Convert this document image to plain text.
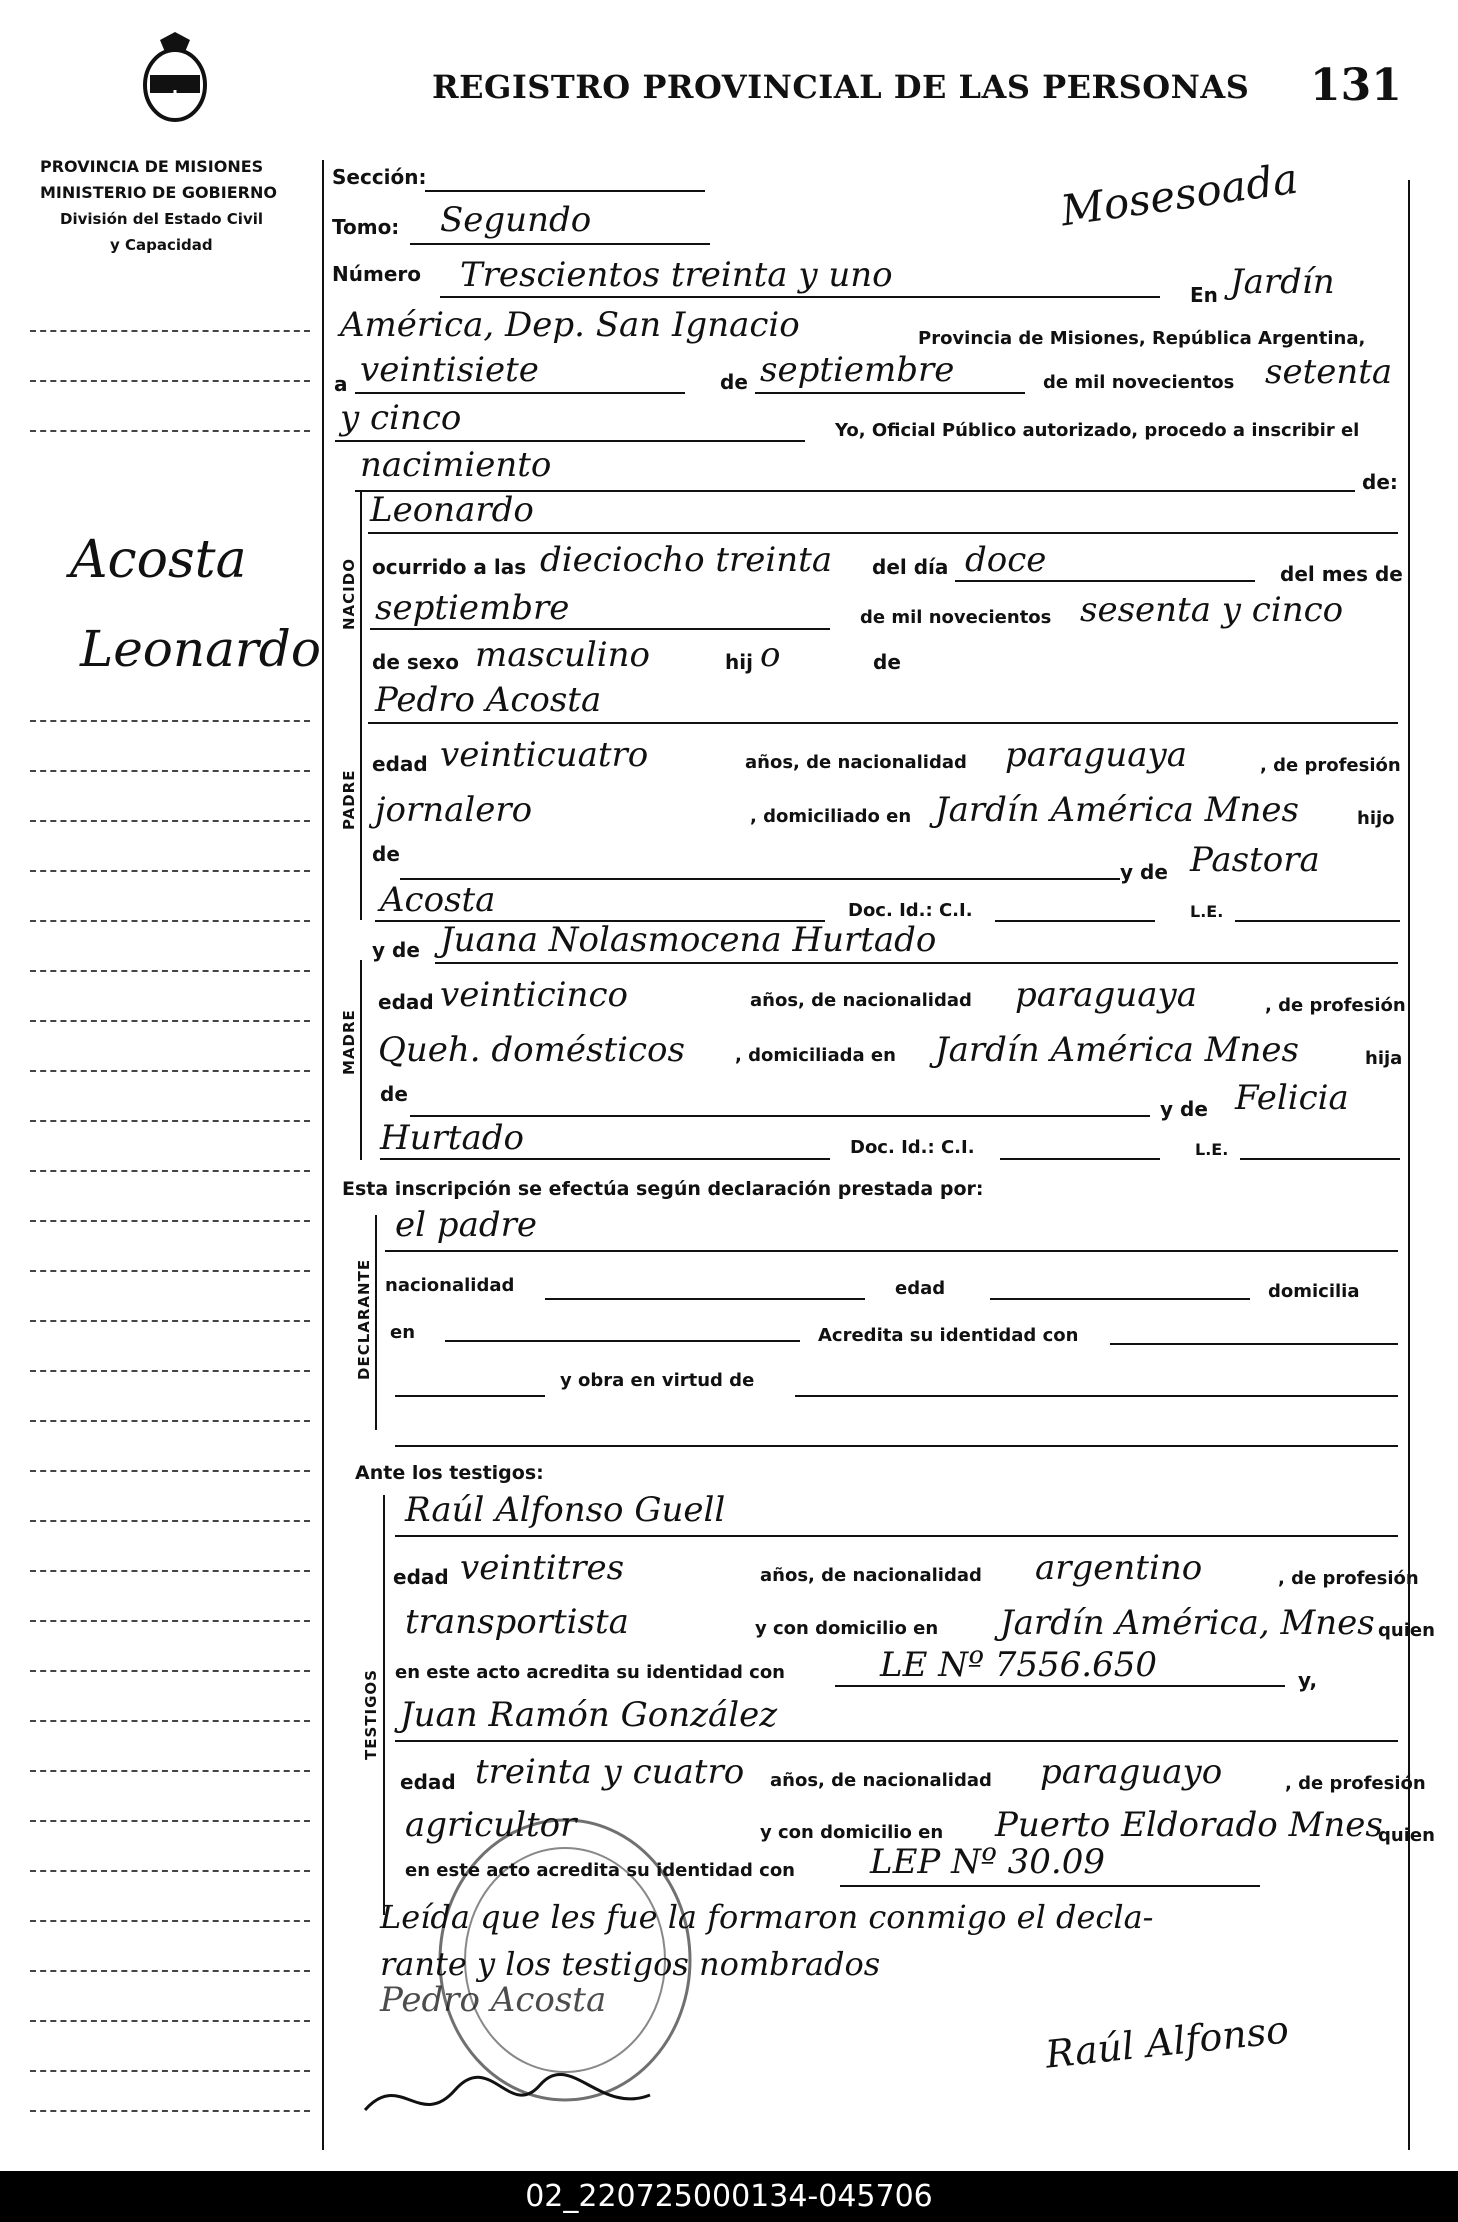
REGISTRO PROVINCIAL DE LAS PERSONAS 131
Mosesoada
PROVINCIA DE MISIONES
MINISTERIO DE GOBIERNO
División del Estado Civil
y Capacidad
Acosta
Leonardo
Sección:
Tomo: Segundo
Número Trescientos treinta y uno	En Jardín
América, Dep. San Ignacio	Provincia de Misiones, República Argentina,
a veintisiete	de septiembre	de mil novecientos setenta
y cinco	Yo, Oficial Público autorizado, procedo a inscribir el
nacimiento	de:
NACIDO
Leonardo
ocurrido a las dieciocho treinta del día doce	del mes de
septiembre	de mil novecientos sesenta y cinco
de sexo masculino	hij o	de
PADRE
Pedro Acosta
edad veinticuatro	años, de nacionalidad paraguaya	, de profesión
jornalero	, domiciliado en Jardín América Mnes	hijo
de
y de Pastora
Acosta	Doc. Id.: C.I.	L.E.
MADRE
y de Juana Nolasmocena Hurtado
edad veinticinco	años, de nacionalidad paraguaya	, de profesión
Queh. domésticos	, domiciliada en Jardín América Mnes	hija
de
y de Felicia
Hurtado	Doc. Id.: C.I.	L.E.
Esta inscripción se efectúa según declaración prestada por:
DECLARANTE
el padre
nacionalidad	edad	domicilia
en	Acredita su identidad con
y obra en virtud de
Ante los testigos:
TESTIGOS
Raúl Alfonso Guell
edad veintitres	años, de nacionalidad argentino	, de profesión
transportista	y con domicilio en Jardín América, Mnes quien
en este acto acredita su identidad con	LE Nº 7556.650	y,
Juan Ramón González
edad treinta y cuatro años, de nacionalidad paraguayo	, de profesión
agricultor	y con domicilio en Puerto Eldorado Mnes
quien
en este acto acredita su identidad con LEP Nº 30.09
Leída que les fue la formaron conmigo el decla-
rante y los testigos nombrados
Pedro Acosta
Raúl Alfonso
02_220725000134-045706
